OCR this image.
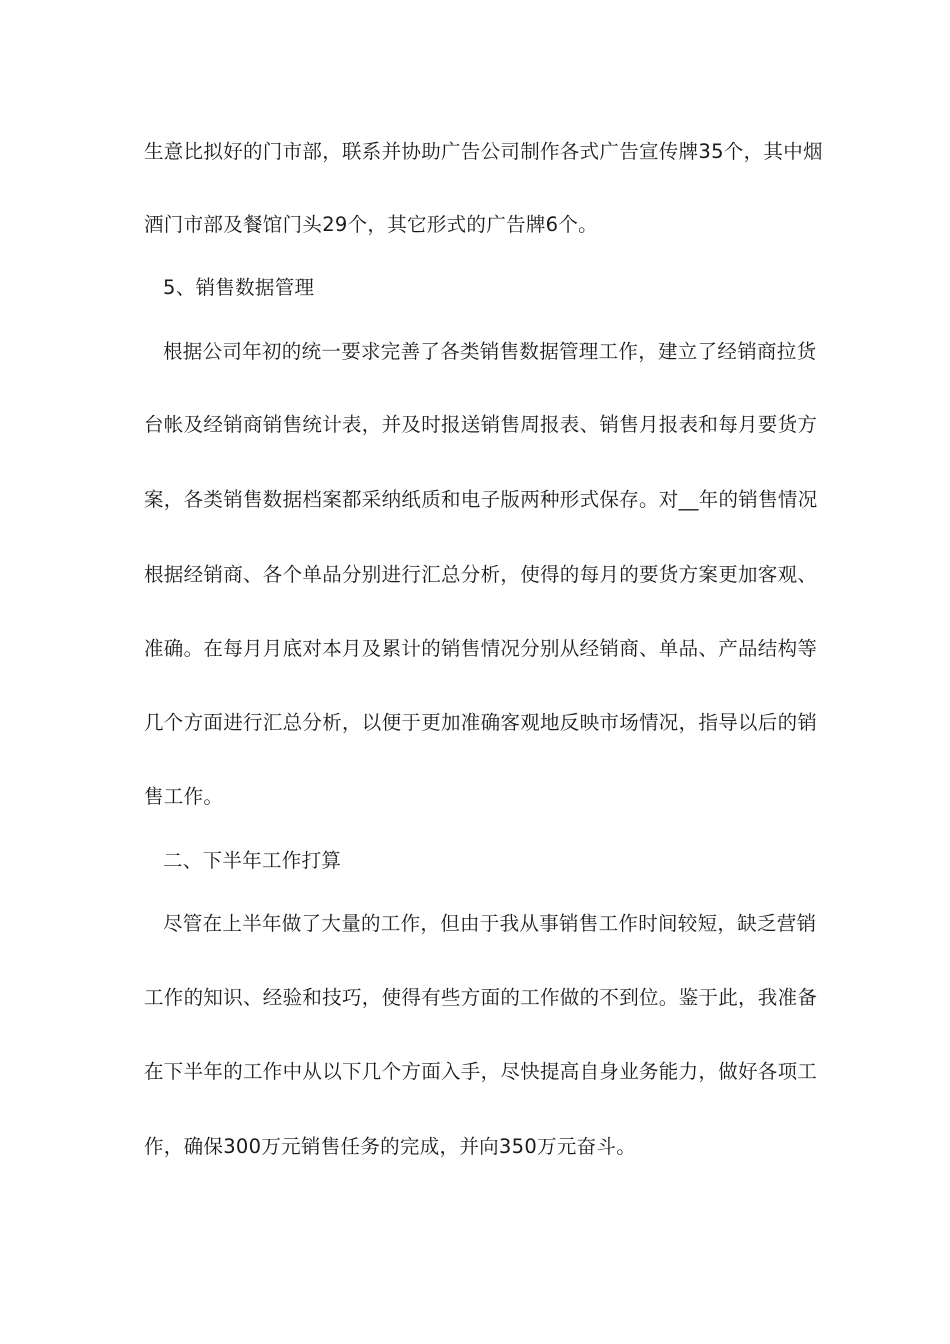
生意比拟好的门市部，联系并协助广告公司制作各式广告宣传牌35个，其中烟
酒门市部及餐馆门头29个，其它形式的广告牌6个。
5、销售数据管理
根据公司年初的统一要求完善了各类销售数据管理工作，建立了经销商拉货
台帐及经销商销售统计表，并及时报送销售周报表、销售月报表和每月要货方
案，各类销售数据档案都采纳纸质和电子版两种形式保存。对__年的销售情况
根据经销商、各个单品分别进行汇总分析，使得的每月的要货方案更加客观、
准确。在每月月底对本月及累计的销售情况分别从经销商、单品、产品结构等
几个方面进行汇总分析，以便于更加准确客观地反映市场情况，指导以后的销
售工作。
二、下半年工作打算
尽管在上半年做了大量的工作，但由于我从事销售工作时间较短，缺乏营销
工作的知识、经验和技巧，使得有些方面的工作做的不到位。鉴于此，我准备
在下半年的工作中从以下几个方面入手，尽快提高自身业务能力，做好各项工
作，确保300万元销售任务的完成，并向350万元奋斗。
